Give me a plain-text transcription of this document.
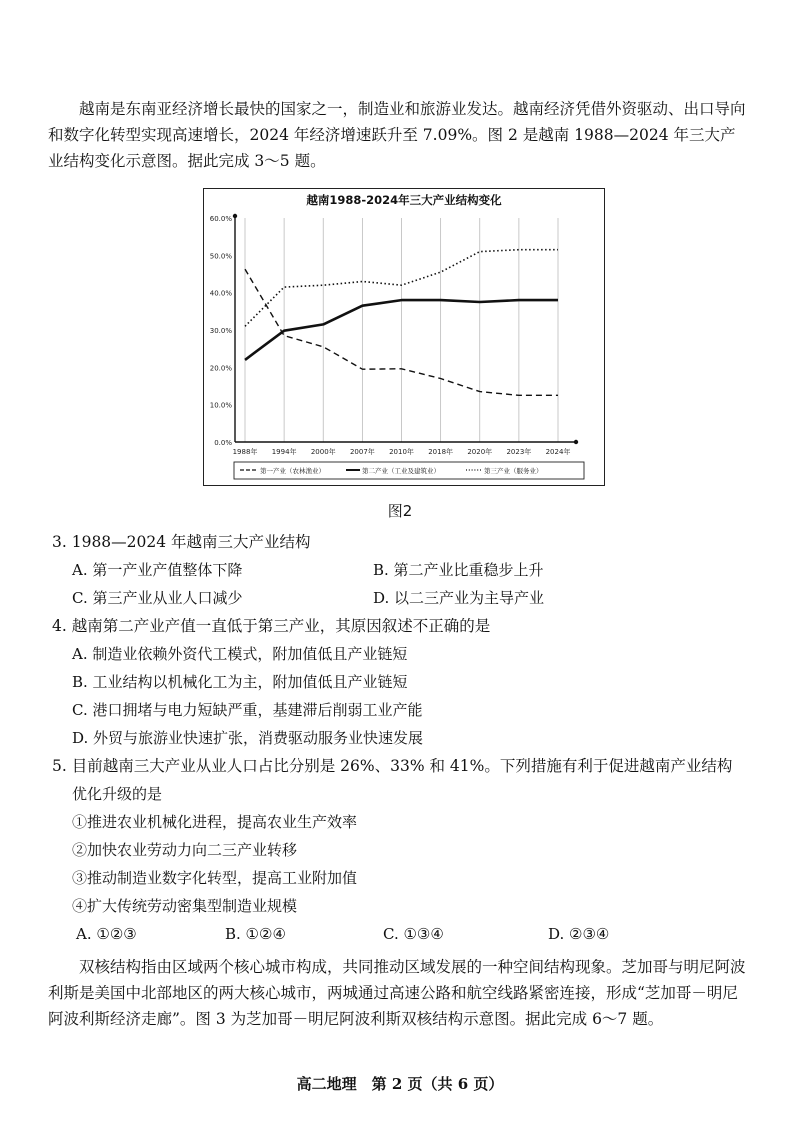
越南是东南亚经济增长最快的国家之一，制造业和旅游业发达。越南经济凭借外资驱动、出口导向和数字化转型实现高速增长，2024 年经济增速跃升至 7.09%。图 2 是越南 1988—2024 年三大产业结构变化示意图。据此完成 3～5 题。

越南1988-2024年三大产业结构变化
0.0%
10.0%
20.0%
30.0%
40.0%
50.0%
60.0%
1988年 1994年 2000年 2007年 2010年 2018年 2020年 2023年 2024年
第一产业（农林渔业）	第二产业（工业及建筑业）	第三产业（服务业）
图2
3. 1988—2024 年越南三大产业结构
A. 第一产业产值整体下降	B. 第二产业比重稳步上升
C. 第三产业从业人口减少	D. 以二三产业为主导产业
4. 越南第二产业产值一直低于第三产业，其原因叙述不正确的是
A. 制造业依赖外资代工模式，附加值低且产业链短
B. 工业结构以机械化工为主，附加值低且产业链短
C. 港口拥堵与电力短缺严重，基建滞后削弱工业产能
D. 外贸与旅游业快速扩张，消费驱动服务业快速发展
5. 目前越南三大产业从业人口占比分别是 26%、33% 和 41%。下列措施有利于促进越南产业结构
优化升级的是
①推进农业机械化进程，提高农业生产效率
②加快农业劳动力向二三产业转移
③推动制造业数字化转型，提高工业附加值
④扩大传统劳动密集型制造业规模
A. ①②③	B. ①②④	C. ①③④	D. ②③④

双核结构指由区域两个核心城市构成，共同推动区域发展的一种空间结构现象。芝加哥与明尼阿波利斯是美国中北部地区的两大核心城市，两城通过高速公路和航空线路紧密连接，形成“芝加哥－明尼阿波利斯经济走廊”。图 3 为芝加哥－明尼阿波利斯双核结构示意图。据此完成 6～7 题。

高二地理　第 2 页（共 6 页）
